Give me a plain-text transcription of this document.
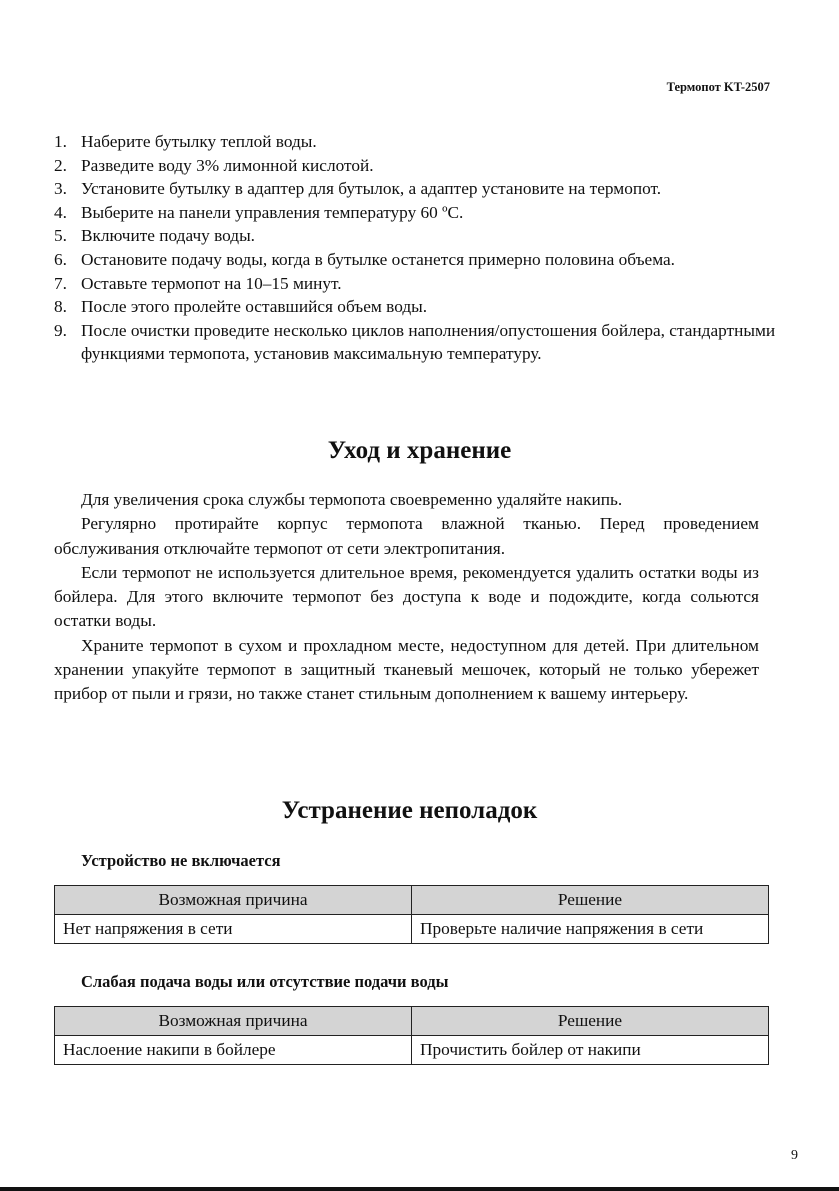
Термопот KT-2507
1. Наберите бутылку теплой воды.
2. Разведите воду 3% лимонной кислотой.
3. Установите бутылку в адаптер для бутылок, а адаптер установите на термопот.
4. Выберите на панели управления температуру 60 ºС.
5. Включите подачу воды.
6. Остановите подачу воды, когда в бутылке останется примерно половина объема.
7. Оставьте термопот на 10–15 минут.
8. После этого пролейте оставшийся объем воды.
9. После очистки проведите несколько циклов наполнения/опустошения бойлера, стандартными функциями термопота, установив максимальную температуру.
Уход и хранение

Для увеличения срока службы термопота своевременно удаляйте накипь.

Регулярно протирайте корпус термопота влажной тканью. Перед проведением обслуживания отключайте термопот от сети электропитания.

Если термопот не используется длительное время, рекомендуется удалить остатки воды из бойлера. Для этого включите термопот без доступа к воде и подождите, когда сольются остатки воды.

Храните термопот в сухом и прохладном месте, недоступном для детей. При длительном хранении упакуйте термопот в защитный тканевый мешочек, который не только убережет прибор от пыли и грязи, но также станет стильным дополнением к вашему интерьеру.

Устранение неполадок
Устройство не включается
Возможная причина	Решение
Нет напряжения в сети	Проверьте наличие напряжения в сети
Слабая подача воды или отсутствие подачи воды
Возможная причина	Решение
Наслоение накипи в бойлере	Прочистить бойлер от накипи
9
